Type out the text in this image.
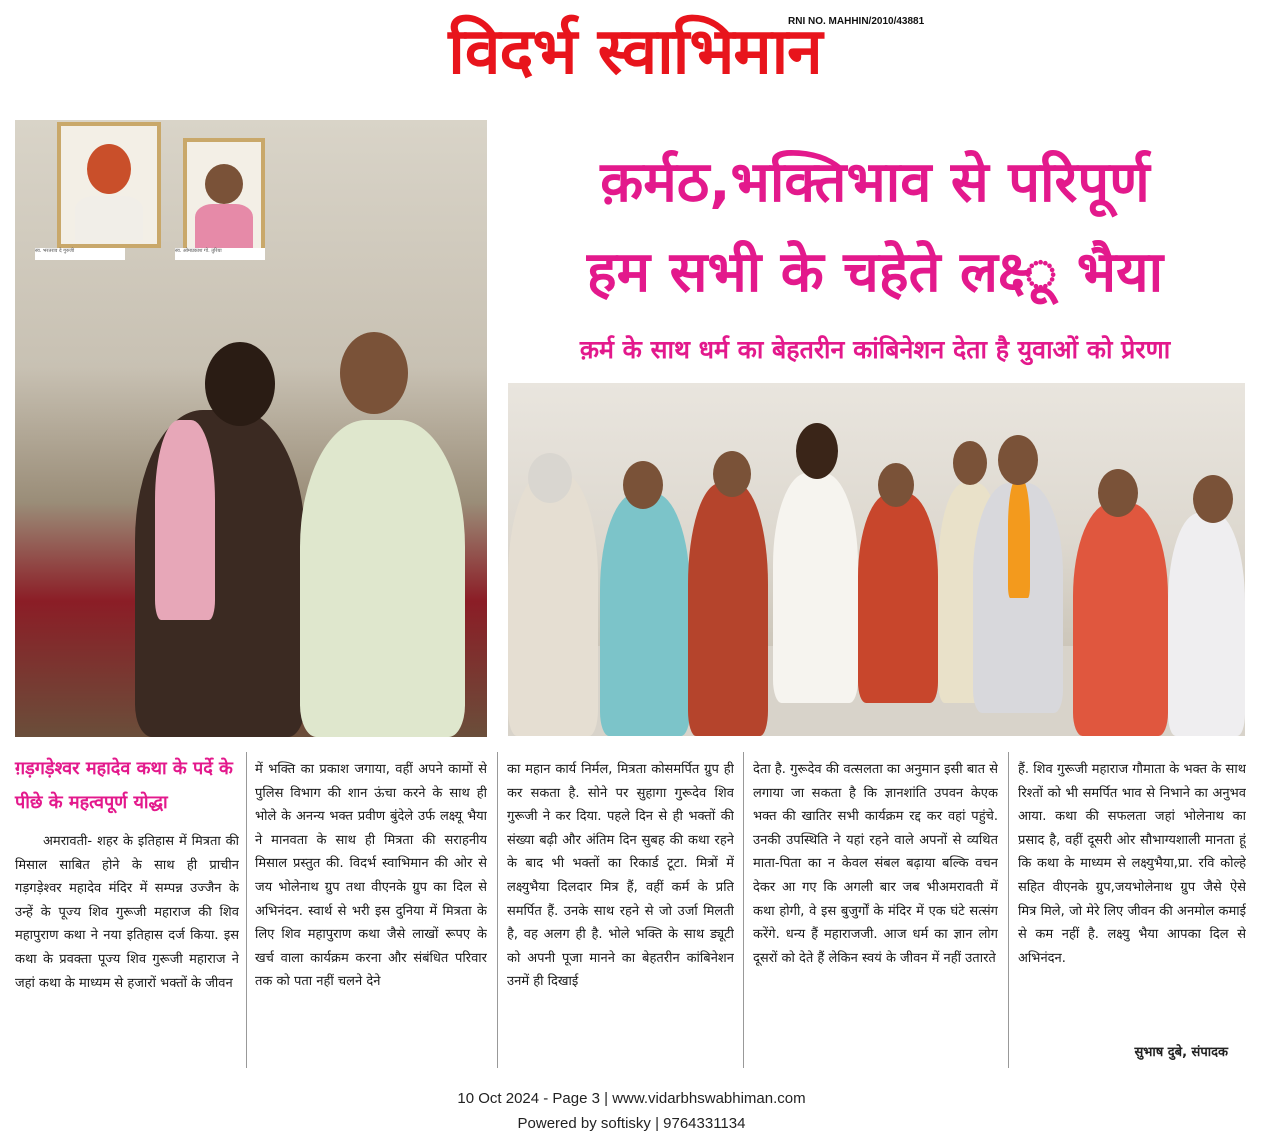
विदर्भ स्वाभिमान
RNI NO. MAHHIN/2010/43881
स्व. भरतराव दे गुरुजी	स्व. ओमप्रकाश गो. तुरिया
क़र्मठ,भक्तिभाव से परिपूर्ण
हम सभी के चहेते लक्ष्‍ू भैया
क़र्म के साथ धर्म का बेहतरीन कांबिनेशन देता है युवाओं को प्रेरणा
ग़ड़गड़ेश्वर महादेव कथा के पर्दे के पीछे के महत्वपूर्ण योद्धा
अमरावती- शहर के इतिहास में मित्रता की मिसाल साबित होने के साथ ही प्राचीन गड़गड़ेश्वर महादेव मंदिर में सम्पन्न उज्जैन के उन्हें के पूज्य शिव गुरूजी महाराज की शिव महापुराण कथा ने नया इतिहास दर्ज किया. इस कथा के प्रवक्ता पूज्य शिव गुरूजी महाराज ने जहां कथा के माध्यम से हजारों भक्तों के जीवन
में भक्ति का प्रकाश जगाया, वहीं अपने कामों से पुलिस विभाग की शान ऊंचा करने के साथ ही भोले के अनन्य भक्त प्रवीण बुंदेले उर्फ लक्ष्यू भैया ने मानवता के साथ ही मित्रता की सराहनीय मिसाल प्रस्तुत की. विदर्भ स्वाभिमान की ओर से जय भोलेनाथ ग्रुप तथा वीएनके ग्रुप का दिल से अभिनंदन. स्वार्थ से भरी इस दुनिया में मित्रता के लिए शिव महापुराण कथा जैसे लाखों रूपए के खर्च वाला कार्यक्रम करना और संबंधित परिवार तक को पता नहीं चलने देने
का महान कार्य निर्मल, मित्रता कोसमर्पित ग्रुप ही कर सकता है. सोने पर सुहागा गुरूदेव शिव गुरूजी ने कर दिया. पहले दिन से ही भक्तों की संख्या बढ़ी और अंतिम दिन सुबह की कथा रहने के बाद भी भक्तों का रिकार्ड टूटा. मित्रों में लक्ष्युभैया दिलदार मित्र हैं, वहीं कर्म के प्रति समर्पित हैं. उनके साथ रहने से जो उर्जा मिलती है, वह अलग ही है. भोले भक्ति के साथ ड्यूटी को अपनी पूजा मानने का बेहतरीन कांबिनेशन उनमें ही दिखाई
देता है. गुरूदेव की वत्सलता का अनुमान इसी बात से लगाया जा सकता है कि ज्ञानशांति उपवन केएक भक्त की खातिर सभी कार्यक्रम रद्द कर वहां पहुंचे. उनकी उपस्थिति ने यहां रहने वाले अपनों से व्यथित माता-पिता का न केवल संबल बढ़ाया बल्कि वचन देकर आ गए कि अगली बार जब भीअमरावती में कथा होगी, वे इस बुजुर्गों के मंदिर में एक घंटे सत्संग करेंगे. धन्य हैं महाराजजी. आज धर्म का ज्ञान लोग दूसरों को देते हैं लेकिन स्वयं के जीवन में नहीं उतारते
हैं. शिव गुरूजी महाराज गौमाता के भक्त के साथ रिश्तों को भी समर्पित भाव से निभाने का अनुभव आया. कथा की सफलता जहां भोलेनाथ का प्रसाद है, वहीं दूसरी ओर सौभाग्यशाली मानता हूं कि कथा के माध्यम से लक्ष्युभैया,प्रा. रवि कोल्हे सहित वीएनके ग्रुप,जयभोलेनाथ ग्रुप जैसे ऐसे मित्र मिले, जो मेरे लिए जीवन की अनमोल कमाई से कम नहीं है. लक्ष्यु भैया आपका दिल से अभिनंदन.
सुभाष दुबे, संपादक
10 Oct 2024 - Page 3 | www.vidarbhswabhiman.com
Powered by softisky | 9764331134
